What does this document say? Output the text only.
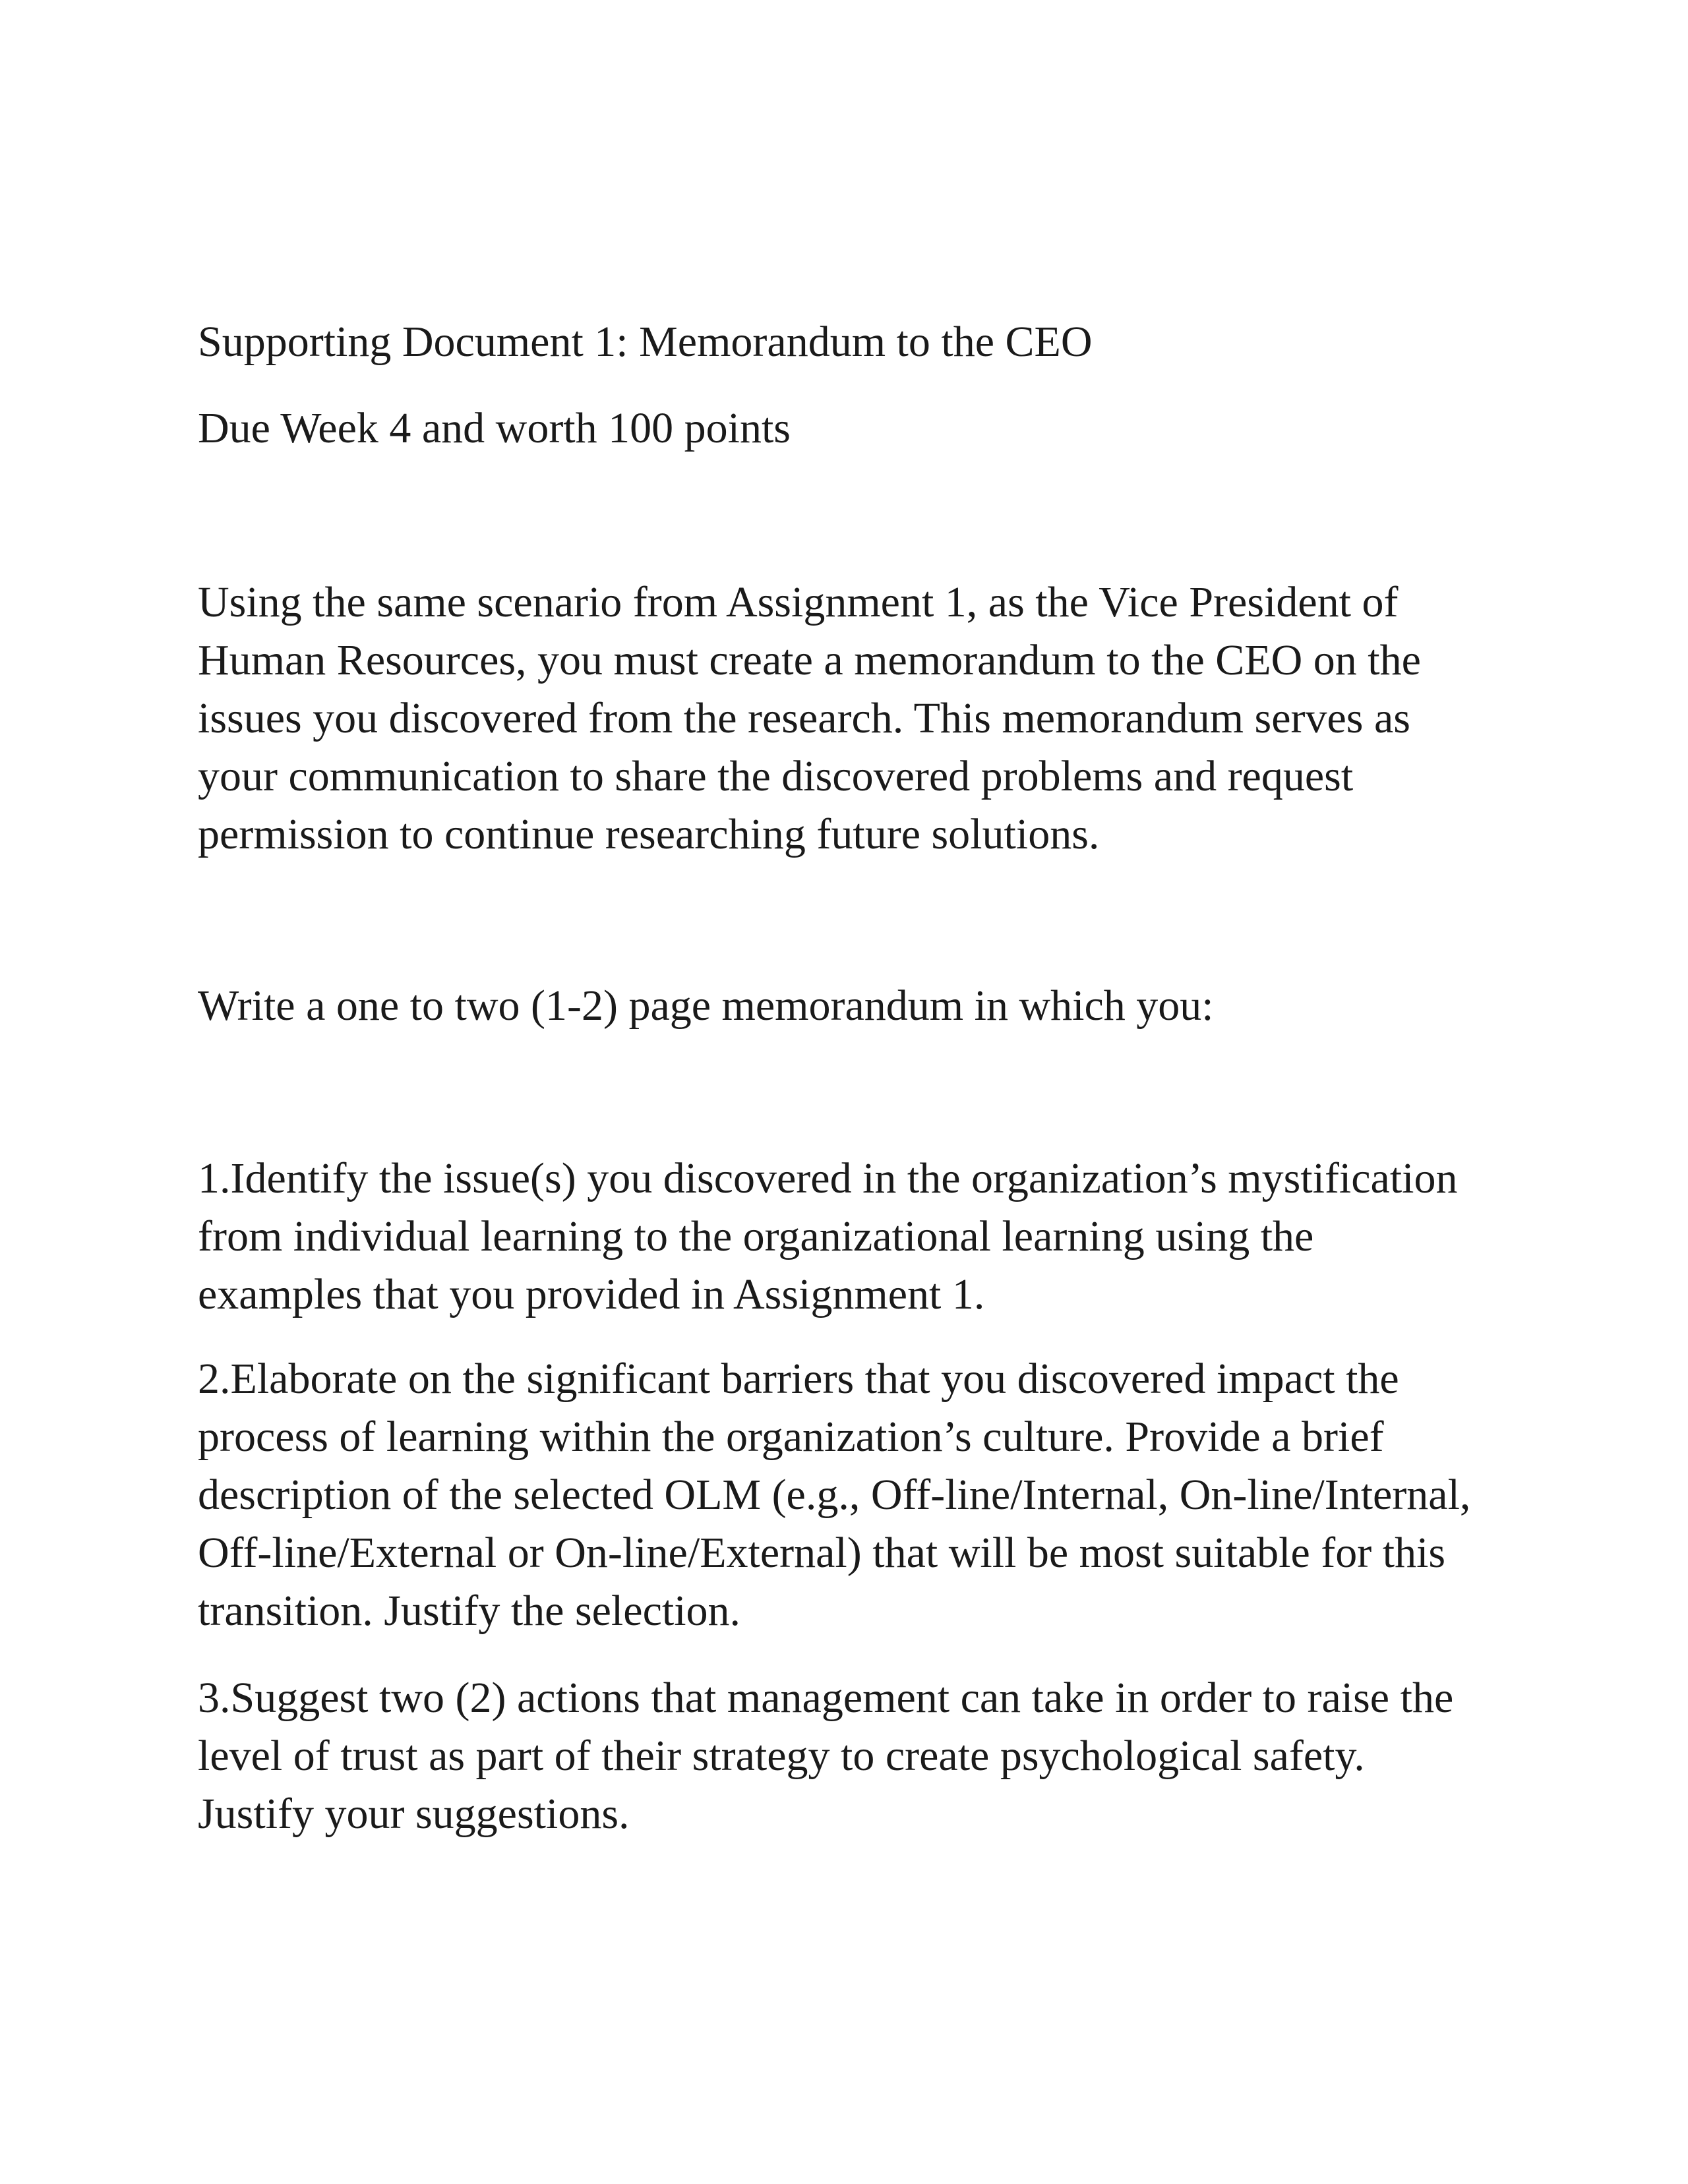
Supporting Document 1: Memorandum to the CEO

Due Week 4 and worth 100 points

Using the same scenario from Assignment 1, as the Vice President of
Human Resources, you must create a memorandum to the CEO on the
issues you discovered from the research. This memorandum serves as
your communication to share the discovered problems and request
permission to continue researching future solutions.

Write a one to two (1-2) page memorandum in which you:

1.Identify the issue(s) you discovered in the organization’s mystification
from individual learning to the organizational learning using the
examples that you provided in Assignment 1.

2.Elaborate on the significant barriers that you discovered impact the
process of learning within the organization’s culture. Provide a brief
description of the selected OLM (e.g., Off-line/Internal, On-line/Internal,
Off-line/External or On-line/External) that will be most suitable for this
transition. Justify the selection.

3.Suggest two (2) actions that management can take in order to raise the
level of trust as part of their strategy to create psychological safety.
Justify your suggestions.
